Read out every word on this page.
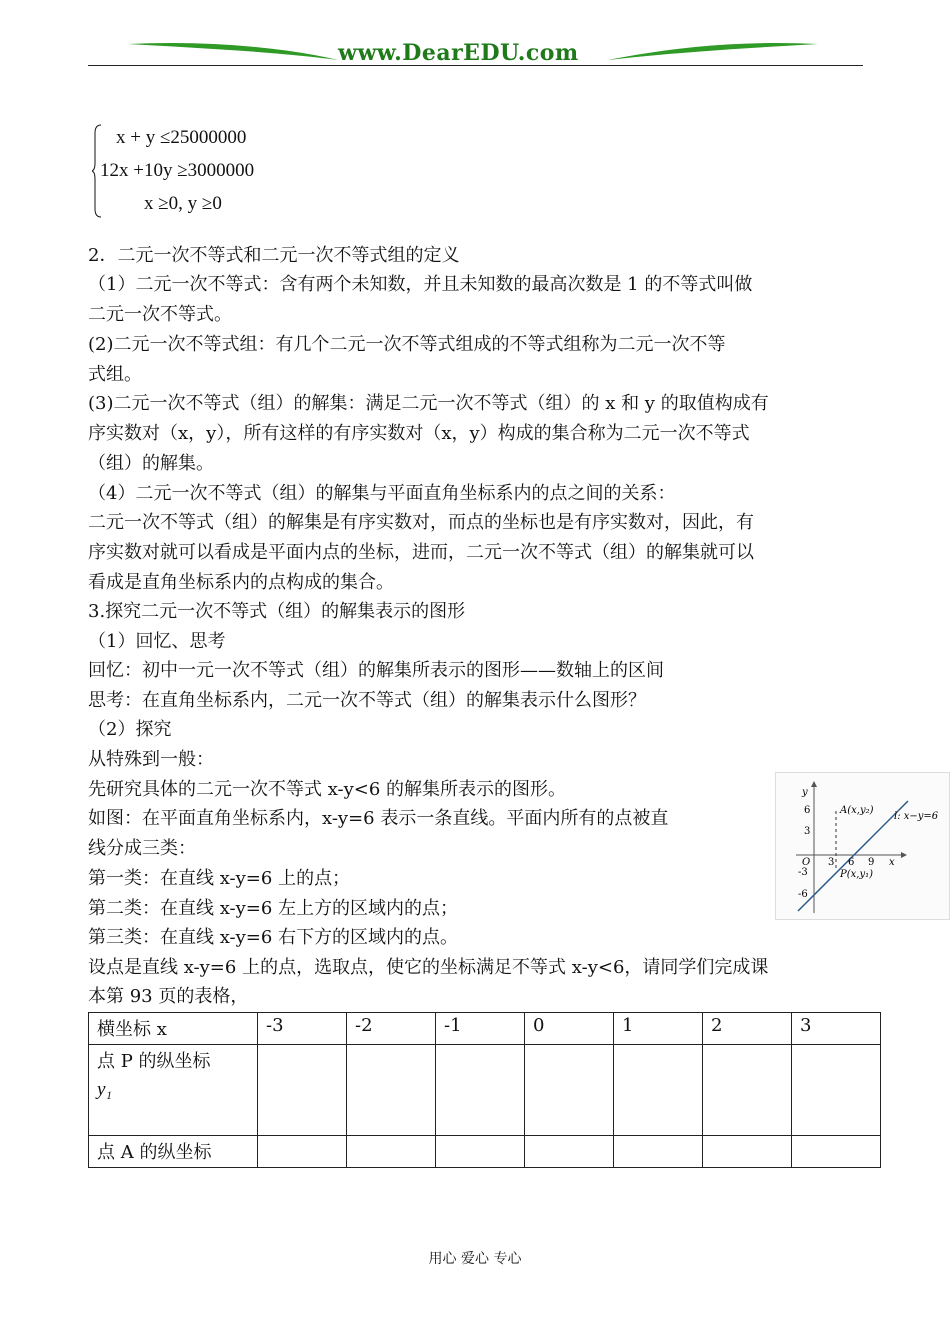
www.DearEDU.com
x + y ≤25000000
12x +10y ≥3000000
x ≥0, y ≥0
2．二元一次不等式和二元一次不等式组的定义
（1）二元一次不等式：含有两个未知数，并且未知数的最高次数是 1 的不等式叫做
二元一次不等式。
(2)二元一次不等式组：有几个二元一次不等式组成的不等式组称为二元一次不等
式组。
(3)二元一次不等式（组）的解集：满足二元一次不等式（组）的 x 和 y 的取值构成有
序实数对（x，y），所有这样的有序实数对（x，y）构成的集合称为二元一次不等式
（组）的解集。
（4）二元一次不等式（组）的解集与平面直角坐标系内的点之间的关系：
二元一次不等式（组）的解集是有序实数对，而点的坐标也是有序实数对，因此，有
序实数对就可以看成是平面内点的坐标，进而，二元一次不等式（组）的解集就可以
看成是直角坐标系内的点构成的集合。
3.探究二元一次不等式（组）的解集表示的图形
（1）回忆、思考
回忆：初中一元一次不等式（组）的解集所表示的图形——数轴上的区间
思考：在直角坐标系内，二元一次不等式（组）的解集表示什么图形？
（2）探究
从特殊到一般：
先研究具体的二元一次不等式 x-y<6 的解集所表示的图形。
如图：在平面直角坐标系内，x-y=6 表示一条直线。平面内所有的点被直
线分成三类：
第一类：在直线 x-y=6 上的点；
第二类：在直线 x-y=6 左上方的区域内的点；
第三类：在直线 x-y=6 右下方的区域内的点。
设点是直线 x-y=6 上的点，选取点，使它的坐标满足不等式 x-y<6，请同学们完成课
本第 93 页的表格，
y
x
O
6
3
-3
-6
3 6 9
A(x,y₂)
P(x,y₁)
l: x−y=6
横坐标 x	-3	-2	-1	0	1	2	3
点 P 的纵坐标
y₁							

点 A 的纵坐标							
用心 爱心 专心
